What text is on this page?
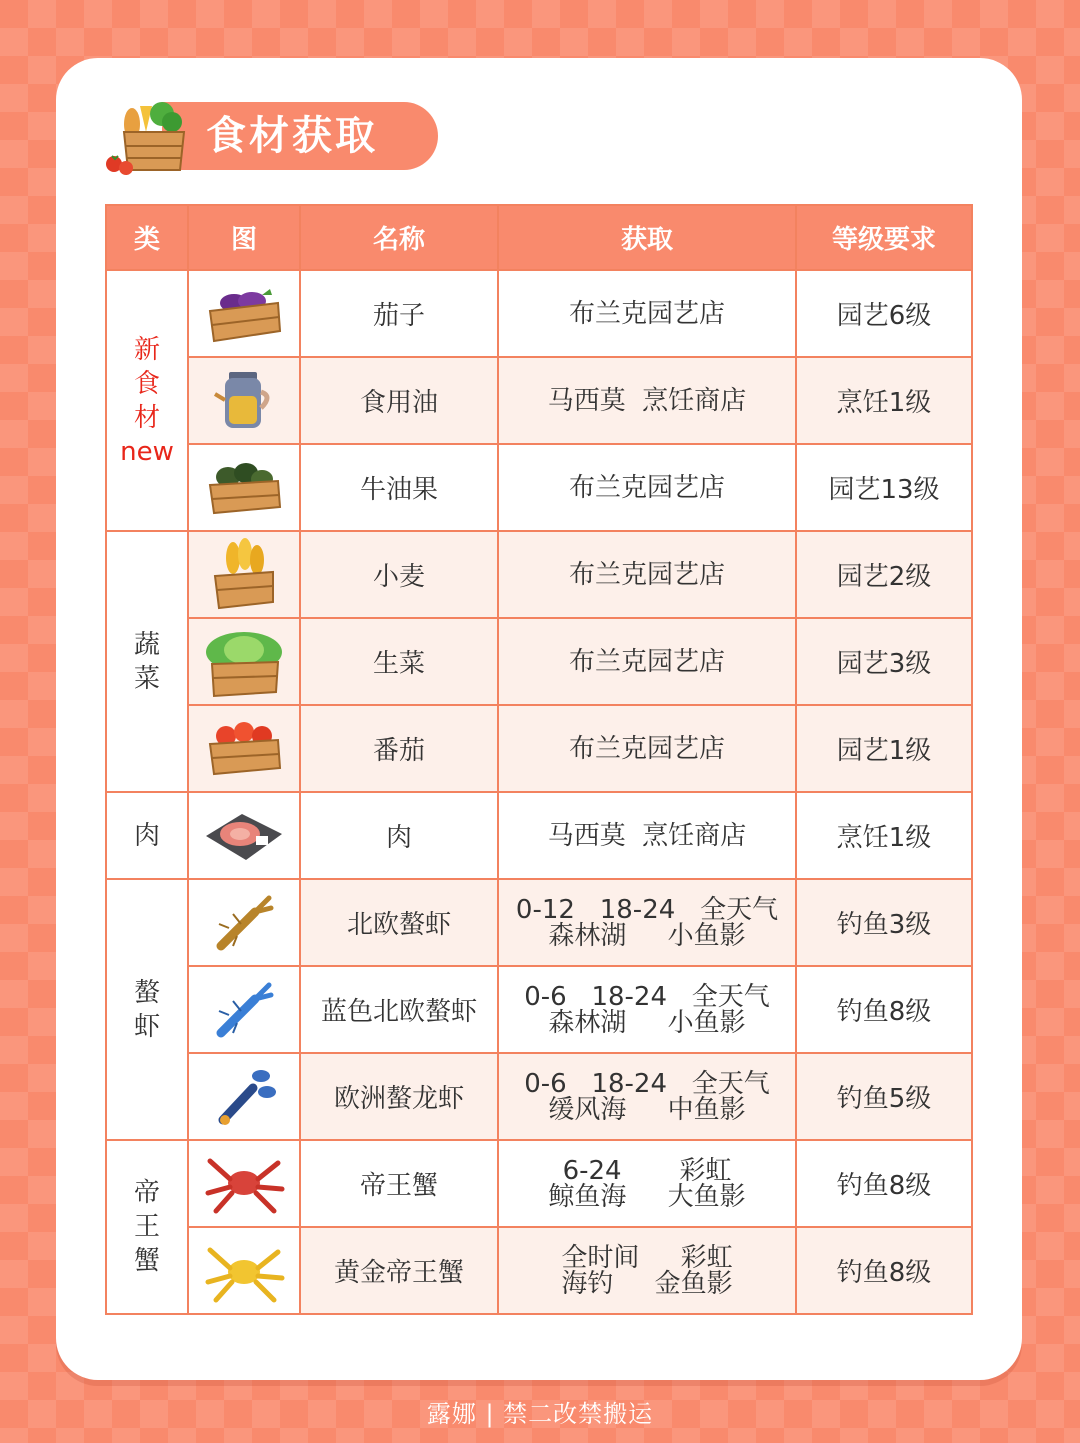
食材获取
类	图	名称	获取	等级要求

新
食
材
new		茄子	布兰克园艺店	园艺6级

	食用油	马西莫  烹饪商店	烹饪1级

	牛油果	布兰克园艺店	园艺13级

蔬
菜		小麦	布兰克园艺店	园艺2级

	生菜	布兰克园艺店	园艺3级

	番茄	布兰克园艺店	园艺1级

肉		肉	马西莫  烹饪商店	烹饪1级

螯
虾		北欧螯虾	0-12   18-24   全天气
森林湖     小鱼影	钓鱼3级

	蓝色北欧螯虾	0-6   18-24   全天气
森林湖     小鱼影	钓鱼8级

	欧洲螯龙虾	0-6   18-24   全天气
缓风海     中鱼影	钓鱼5级

帝
王
蟹		帝王蟹	6-24       彩虹
鲸鱼海     大鱼影	钓鱼8级

	黄金帝王蟹	全时间     彩虹
海钓     金鱼影	钓鱼8级
露娜 | 禁二改禁搬运
